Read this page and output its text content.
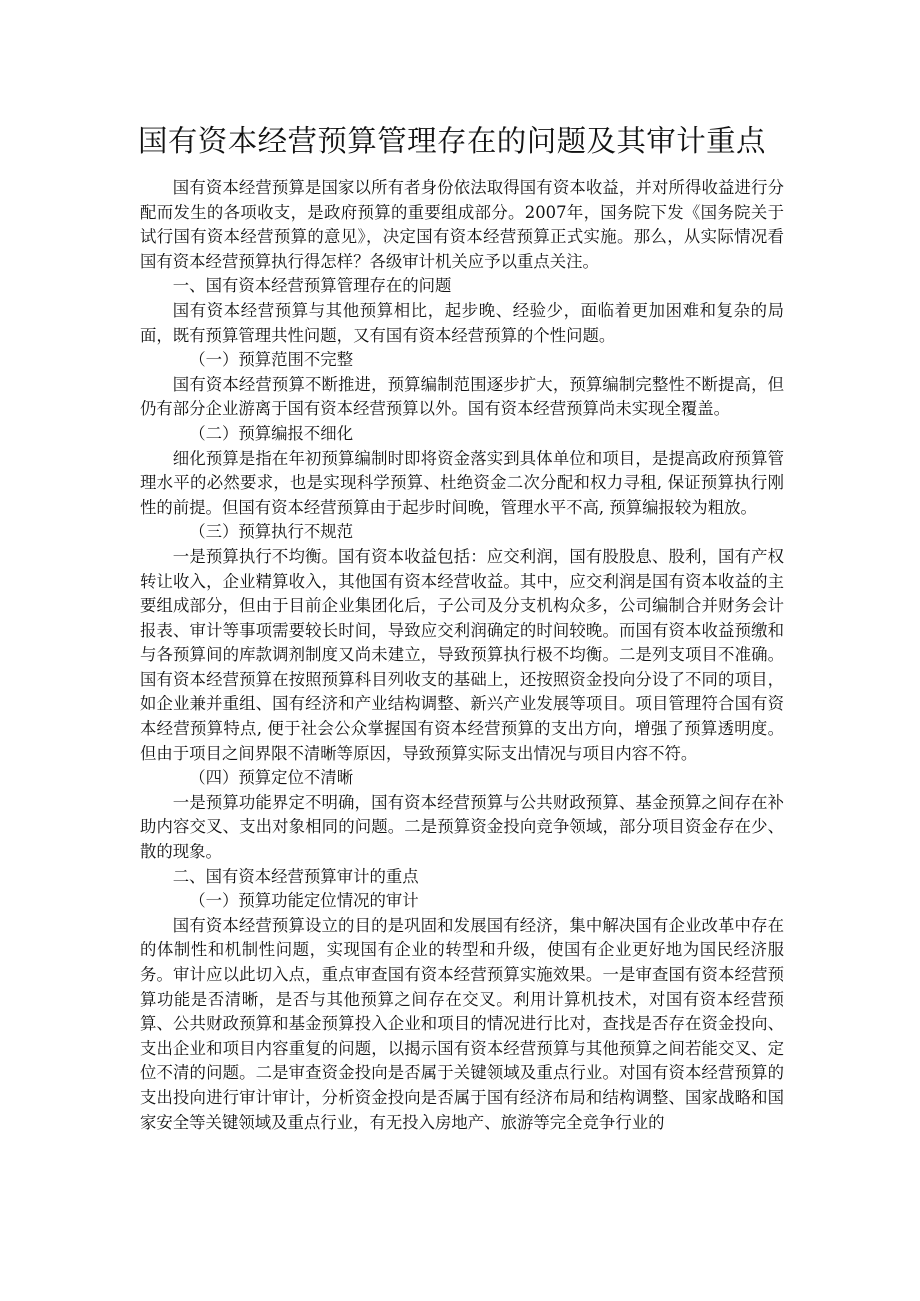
国有资本经营预算管理存在的问题及其审计重点

国有资本经营预算是国家以所有者身份依法取得国有资本收益，并对所得收益进行分配而发生的各项收支，是政府预算的重要组成部分。2007年，国务院下发《国务院关于试行国有资本经营预算的意见》，决定国有资本经营预算正式实施。那么，从实际情况看国有资本经营预算执行得怎样？各级审计机关应予以重点关注。

一、国有资本经营预算管理存在的问题

国有资本经营预算与其他预算相比，起步晚、经验少，面临着更加困难和复杂的局面，既有预算管理共性问题，又有国有资本经营预算的个性问题。

（一）预算范围不完整

国有资本经营预算不断推进，预算编制范围逐步扩大，预算编制完整性不断提高，但仍有部分企业游离于国有资本经营预算以外。国有资本经营预算尚未实现全覆盖。

（二）预算编报不细化

细化预算是指在年初预算编制时即将资金落实到具体单位和项目，是提高政府预算管理水平的必然要求，也是实现科学预算、杜绝资金二次分配和权力寻租, 保证预算执行刚性的前提。但国有资本经营预算由于起步时间晚，管理水平不高, 预算编报较为粗放。

（三）预算执行不规范

一是预算执行不均衡。国有资本收益包括：应交利润，国有股股息、股利，国有产权转让收入，企业精算收入，其他国有资本经营收益。其中，应交利润是国有资本收益的主要组成部分，但由于目前企业集团化后，子公司及分支机构众多，公司编制合并财务会计报表、审计等事项需要较长时间，导致应交利润确定的时间较晚。而国有资本收益预缴和与各预算间的库款调剂制度又尚未建立，导致预算执行极不均衡。二是列支项目不准确。国有资本经营预算在按照预算科目列收支的基础上，还按照资金投向分设了不同的项目，如企业兼并重组、国有经济和产业结构调整、新兴产业发展等项目。项目管理符合国有资本经营预算特点, 便于社会公众掌握国有资本经营预算的支出方向，增强了预算透明度。但由于项目之间界限不清晰等原因，导致预算实际支出情况与项目内容不符。

（四）预算定位不清晰

一是预算功能界定不明确，国有资本经营预算与公共财政预算、基金预算之间存在补助内容交叉、支出对象相同的问题。二是预算资金投向竞争领域，部分项目资金存在少、散的现象。

二、国有资本经营预算审计的重点

（一）预算功能定位情况的审计

国有资本经营预算设立的目的是巩固和发展国有经济，集中解决国有企业改革中存在的体制性和机制性问题，实现国有企业的转型和升级，使国有企业更好地为国民经济服务。审计应以此切入点，重点审查国有资本经营预算实施效果。一是审查国有资本经营预算功能是否清晰，是否与其他预算之间存在交叉。利用计算机技术，对国有资本经营预算、公共财政预算和基金预算投入企业和项目的情况进行比对，查找是否存在资金投向、支出企业和项目内容重复的问题，以揭示国有资本经营预算与其他预算之间若能交叉、定位不清的问题。二是审查资金投向是否属于关键领域及重点行业。对国有资本经营预算的支出投向进行审计审计，分析资金投向是否属于国有经济布局和结构调整、国家战略和国家安全等关键领域及重点行业，有无投入房地产、旅游等完全竞争行业的
